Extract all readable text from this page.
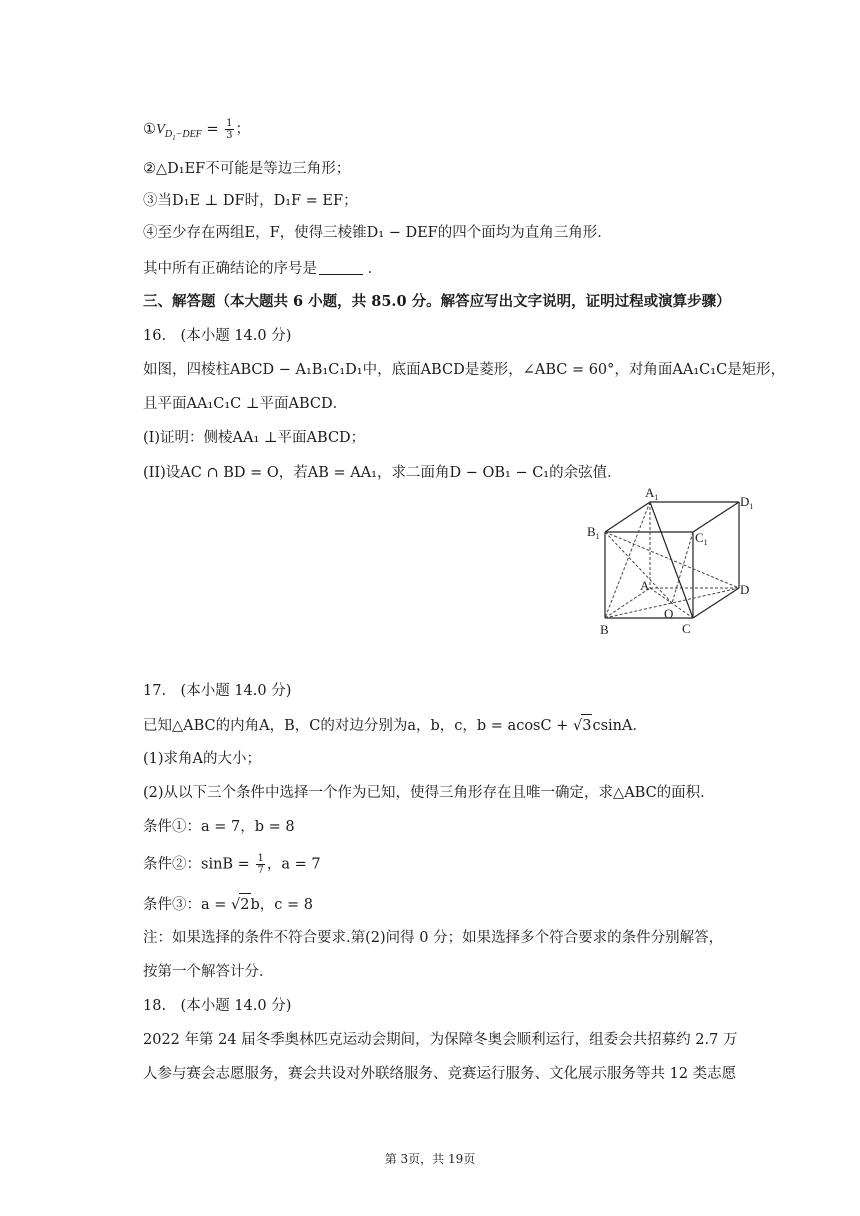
$①V_{D_1-DEF} = \frac{1}{3}$ ；
②△D₁EF不可能是等边三角形；
③当D₁E ⊥ DF时，D₁F = EF；
④至少存在两组E，F，使得三棱锥D₁ − DEF的四个面均为直角三角形．
其中所有正确结论的序号是	．
三、解答题（本大题共 6 小题，共 85.0 分。解答应写出文字说明，证明过程或演算步骤）
16.　(本小题 14.0 分)
如图，四棱柱ABCD − A₁B₁C₁D₁中，底面ABCD是菱形，∠ABC = 60°，对角面AA₁C₁C是矩形，
且平面AA₁C₁C ⊥平面ABCD．
(I)证明：侧棱AA₁ ⊥平面ABCD；
(II)设AC ∩ BD = O，若AB = AA₁，求二面角D − OB₁ − C₁的余弦值．
$A_1$	$D_1$
$B_1$	$C_1$
A	D
O
B	C
17.　(本小题 14.0 分)
已知△ABC的内角A，B，C的对边分别为a，b，c，b = acosC + √3csinA．
(1)求角A的大小；
(2)从以下三个条件中选择一个作为已知，使得三角形存在且唯一确定，求△ABC的面积．
条件①：a = 7，b = 8
条件②：$\sin B = \frac{1}{7}$ ，a = 7
条件③：a = √2b，c = 8
注：如果选择的条件不符合要求.第(2)问得 0 分；如果选择多个符合要求的条件分别解答，
按第一个解答计分．
18.　(本小题 14.0 分)
2022 年第 24 届冬季奥林匹克运动会期间，为保障冬奥会顺利运行，组委会共招募约 2.7 万
人参与赛会志愿服务，赛会共设对外联络服务、竞赛运行服务、文化展示服务等共 12 类志愿
第 3页，共 19页
